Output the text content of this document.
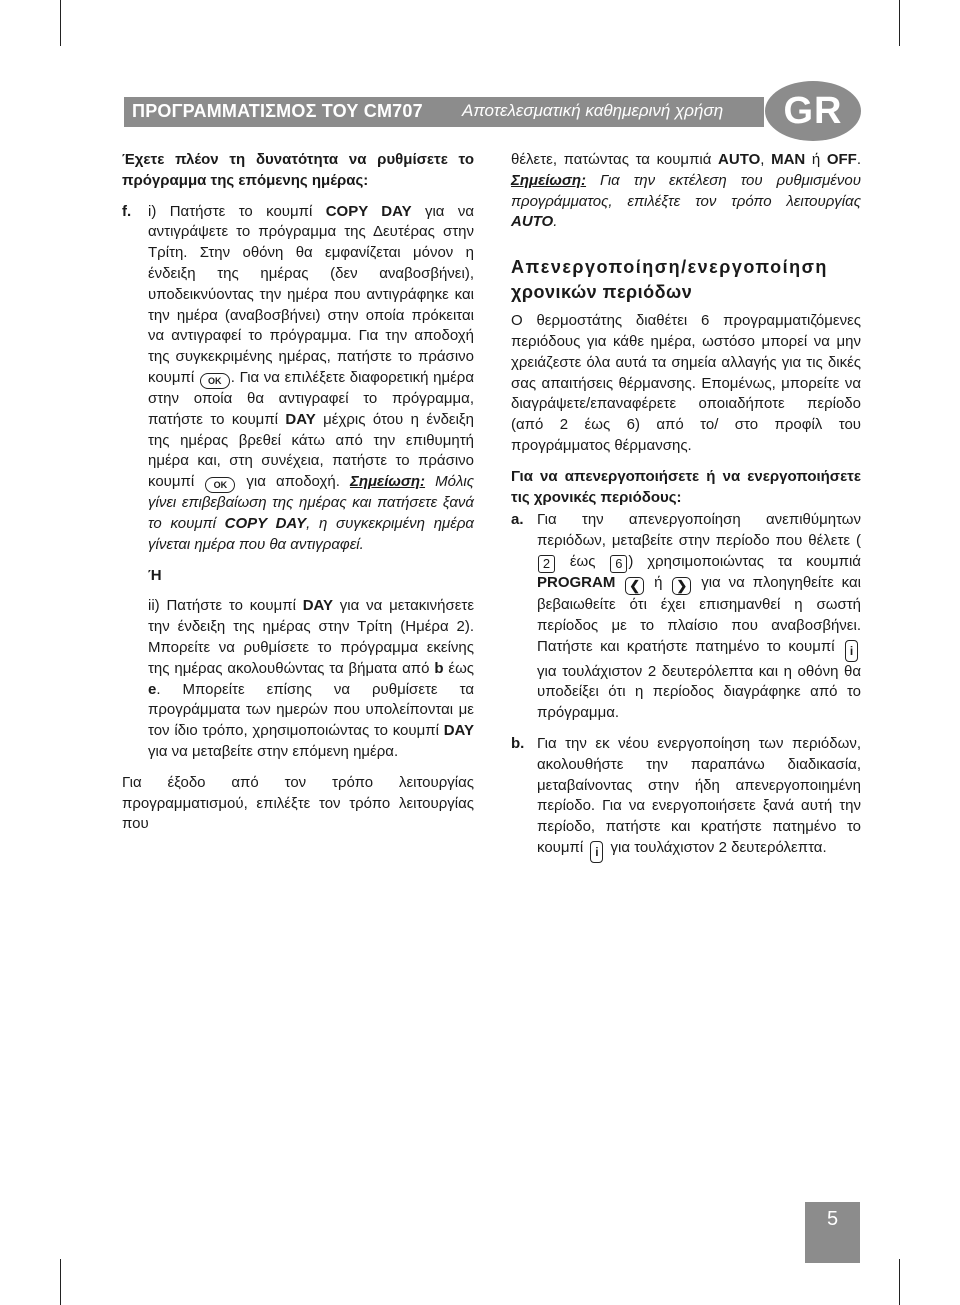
ΠΡΟΓΡΑΜΜΑΤΙΣΜΟΣ ΤΟΥ CM707 Αποτελεσματική καθημερινή χρήση	GR

Έχετε πλέον τη δυνατότητα να ρυθμίσετε το πρόγραμμα της επόμενης ημέρας:

f. i) Πατήστε το κουμπί COPY DAY για να αντιγράψετε το πρόγραμμα της Δευτέρας στην Τρίτη. Στην οθόνη θα εμφανίζεται μόνον η ένδειξη της ημέρας (δεν αναβοσβήνει), υποδεικνύοντας την ημέρα που αντιγράφηκε και την ημέρα (αναβοσβήνει) στην οποία πρόκειται να αντιγραφεί το πρόγραμμα. Για την αποδοχή της συγκεκριμένης ημέρας, πατήστε το πράσινο κουμπί OK . Για να επιλέξετε διαφορετική ημέρα στην οποία θα αντιγραφεί το πρόγραμμα, πατήστε το κουμπί DAY μέχρις ότου η ένδειξη της ημέρας βρεθεί κάτω από την επιθυμητή ημέρα και, στη συνέχεια, πατήστε το πράσινο κουμπί OK για αποδοχή. Σημείωση: Μόλις γίνει επιβεβαίωση της ημέρας και πατήσετε ξανά το κουμπί COPY DAY, η συγκεκριμένη ημέρα γίνεται ημέρα που θα αντιγραφεί.

Ή

ii) Πατήστε το κουμπί DAY για να μετακινήσετε την ένδειξη της ημέρας στην Τρίτη (Ημέρα 2). Μπορείτε να ρυθμίσετε το πρόγραμμα εκείνης της ημέρας ακολουθώντας τα βήματα από b έως e. Μπορείτε επίσης να ρυθμίσετε τα προγράμματα των ημερών που υπολείπονται με τον ίδιο τρόπο, χρησιμοποιώντας το κουμπί DAY για να μεταβείτε στην επόμενη ημέρα.

Για έξοδο από τον τρόπο λειτουργίας προγραμματισμού, επιλέξτε τον τρόπο λειτουργίας που

θέλετε, πατώντας τα κουμπιά AUTO, MAN ή OFF. Σημείωση: Για την εκτέλεση του ρυθμισμένου προγράμματος, επιλέξτε τον τρόπο λειτουργίας AUTO.

Απενεργοποίηση/ενεργοποίηση

χρονικών περιόδων

Ο θερμοστάτης διαθέτει 6 προγραμματιζόμενες περιόδους για κάθε ημέρα, ωστόσο μπορεί να μην χρειάζεστε όλα αυτά τα σημεία αλλαγής για τις δικές σας απαιτήσεις θέρμανσης. Επομένως, μπορείτε να διαγράψετε/επαναφέρετε οποιαδήποτε περίοδο (από 2 έως 6) από το/ στο προφίλ του προγράμματος θέρμανσης.

Για να απενεργοποιήσετε ή να ενεργοποιήσετε τις χρονικές περιόδους:

a. Για την απενεργοποίηση ανεπιθύμητων περιόδων, μεταβείτε στην περίοδο που θέλετε (2 έως 6 ) χρησιμοποιώντας τα κουμπιά PROGRAM ❮ ή ❯ για να πλοηγηθείτε και βεβαιωθείτε ότι έχει επισημανθεί η σωστή περίοδος με το πλαίσιο που αναβοσβήνει. Πατήστε και κρατήστε πατημένο το κουμπί i για τουλάχιστον 2 δευτερόλεπτα και η οθόνη θα υποδείξει ότι η περίοδος διαγράφηκε από το πρόγραμμα.

b. Για την εκ νέου ενεργοποίηση των περιόδων, ακολουθήστε την παραπάνω διαδικασία, μεταβαίνοντας στην ήδη απενεργοποιημένη περίοδο. Για να ενεργοποιήσετε ξανά αυτή την περίοδο, πατήστε και κρατήστε πατημένο το κουμπί i για τουλάχιστον 2 δευτερόλεπτα.

5
